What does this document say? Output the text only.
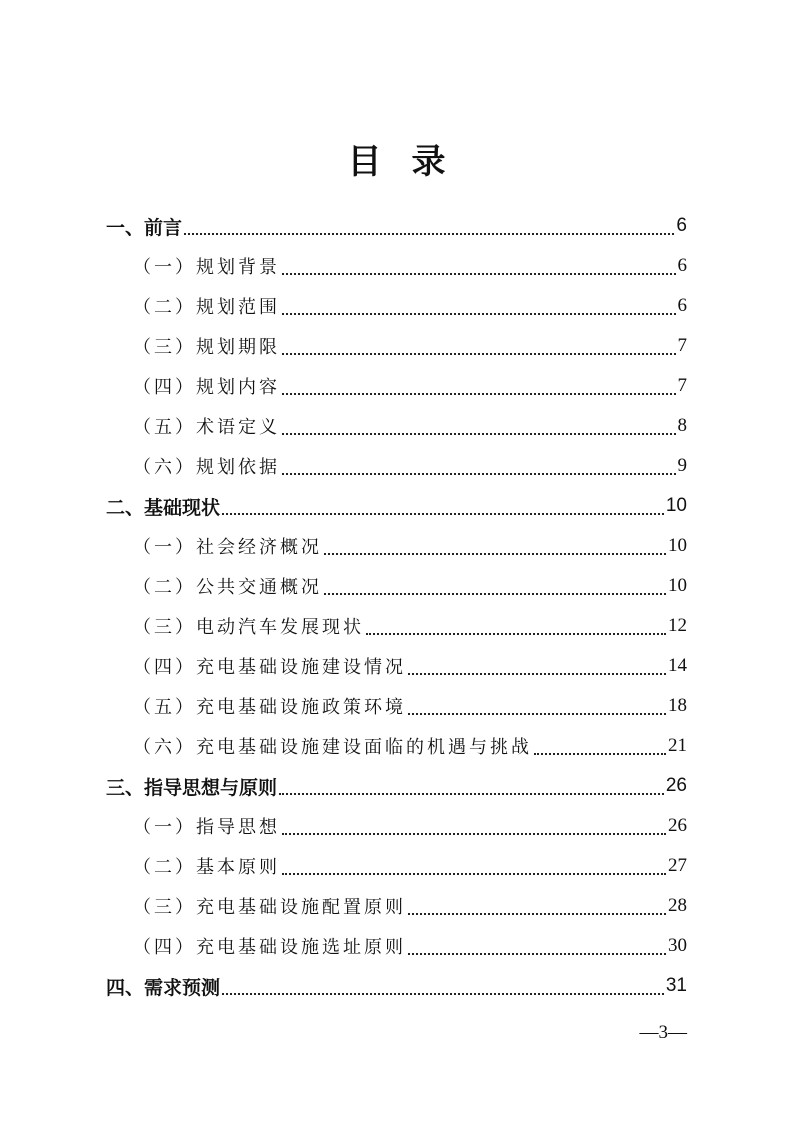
目录
一、前言	6
（一）规划背景	6
（二）规划范围	6
（三）规划期限	7
（四）规划内容	7
（五）术语定义	8
（六）规划依据	9
二、基础现状	10
（一）社会经济概况	10
（二）公共交通概况	10
（三）电动汽车发展现状	12
（四）充电基础设施建设情况	14
（五）充电基础设施政策环境	18
（六）充电基础设施建设面临的机遇与挑战	21
三、指导思想与原则	26
（一）指导思想	26
（二）基本原则	27
（三）充电基础设施配置原则	28
（四）充电基础设施选址原则	30
四、需求预测	31
—3—
